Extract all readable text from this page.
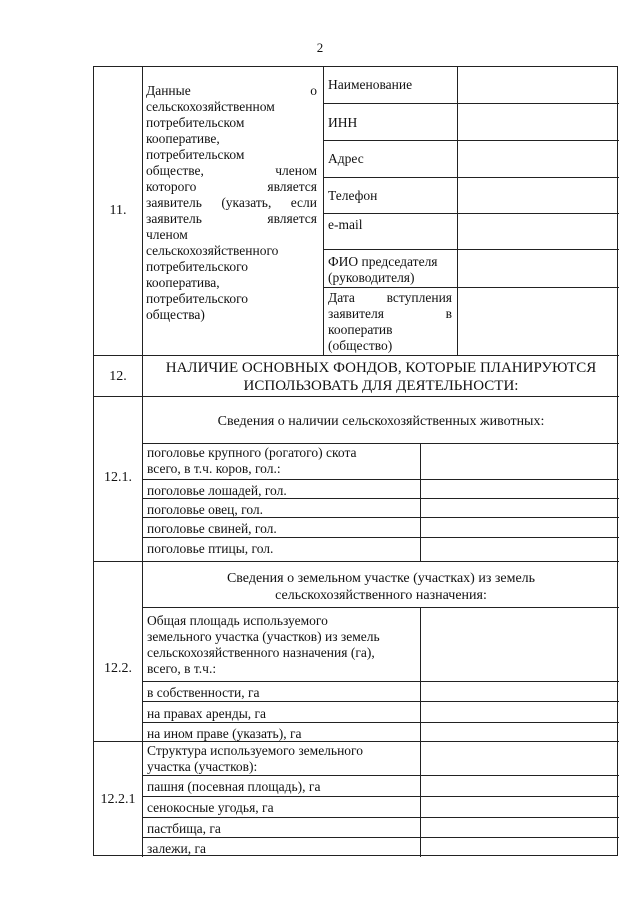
2
11.
Данные о
сельскохозяйственном
потребительском
кооперативе,
потребительском
обществе, членом
которого является
заявитель (указать, если
заявитель является
членом
сельскохозяйственного
потребительского
кооператива,
потребительского
общества)
Наименование
ИНН
Адрес
Телефон
e-mail
ФИО председателя
(руководителя)
Дата вступления
заявителя в
кооператив
(общество)
12.
НАЛИЧИЕ ОСНОВНЫХ ФОНДОВ, КОТОРЫЕ ПЛАНИРУЮТСЯ
ИСПОЛЬЗОВАТЬ ДЛЯ ДЕЯТЕЛЬНОСТИ:
12.1.
Сведения о наличии сельскохозяйственных животных:
поголовье крупного (рогатого) скота
всего, в т.ч. коров, гол.:
поголовье лошадей, гол.
поголовье овец, гол.
поголовье свиней, гол.
поголовье птицы, гол.
12.2.
Сведения о земельном участке (участках) из земель
сельскохозяйственного назначения:
Общая площадь используемого
земельного участка (участков) из земель
сельскохозяйственного назначения (га),
всего, в т.ч.:
в собственности, га
на правах аренды, га
на ином праве (указать), га
12.2.1
Структура используемого земельного
участка (участков):
пашня (посевная площадь), га
сенокосные угодья, га
пастбища, га
залежи, га
